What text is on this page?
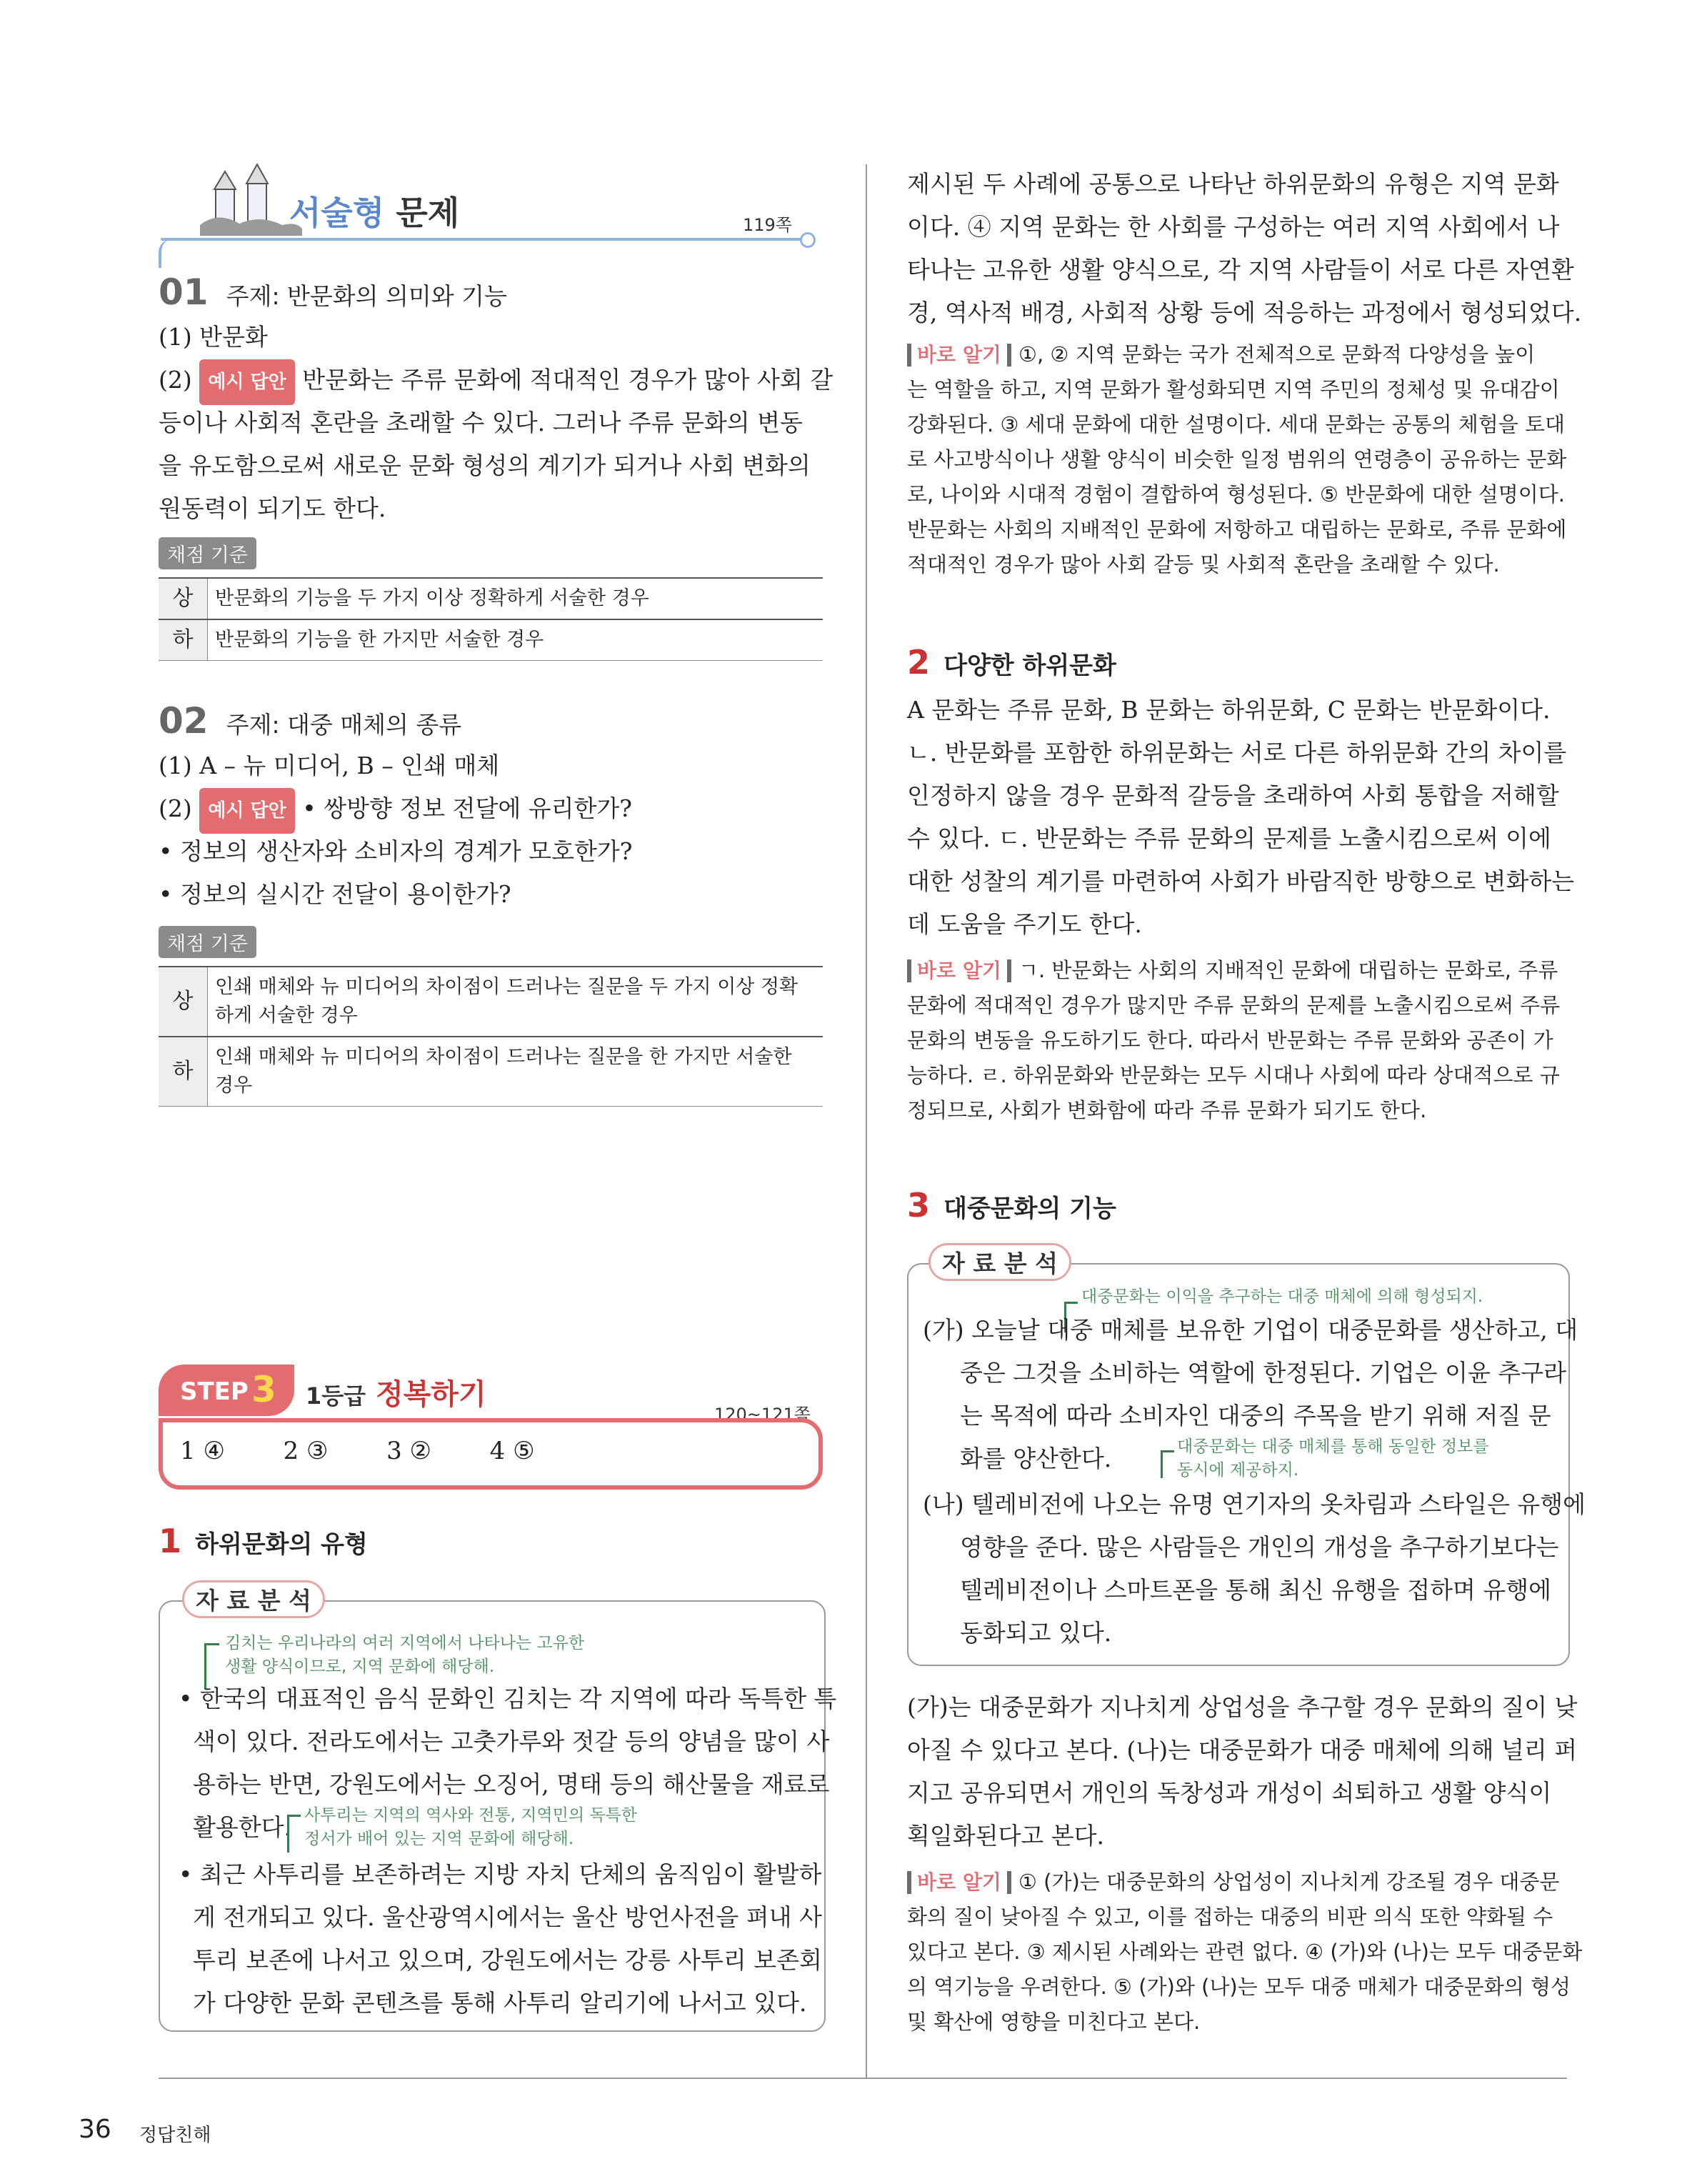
서술형 문제	119쪽
01 주제: 반문화의 의미와 기능
(1) 반문화
(2) 예시 답안 반문화는 주류 문화에 적대적인 경우가 많아 사회 갈
등이나 사회적 혼란을 초래할 수 있다. 그러나 주류 문화의 변동
을 유도함으로써 새로운 문화 형성의 계기가 되거나 사회 변화의
원동력이 되기도 한다.
채점 기준
상	반문화의 기능을 두 가지 이상 정확하게 서술한 경우
하	반문화의 기능을 한 가지만 서술한 경우
02 주제: 대중 매체의 종류
(1) A – 뉴 미디어, B – 인쇄 매체
(2) 예시 답안 • 쌍방향 정보 전달에 유리한가?
• 정보의 생산자와 소비자의 경계가 모호한가?
• 정보의 실시간 전달이 용이한가?
채점 기준
상	인쇄 매체와 뉴 미디어의 차이점이 드러나는 질문을 두 가지 이상 정확하게 서술한 경우
하	인쇄 매체와 뉴 미디어의 차이점이 드러나는 질문을 한 가지만 서술한 경우
STEP 3 1등급 정복하기
120~121쪽
1 ④ 2 ③ 3 ② 4 ⑤
1 하위문화의 유형
자 료 분 석
김치는 우리나라의 여러 지역에서 나타나는 고유한
생활 양식이므로, 지역 문화에 해당해.
• 한국의 대표적인 음식 문화인 김치는 각 지역에 따라 독특한 특
색이 있다. 전라도에서는 고춧가루와 젓갈 등의 양념을 많이 사
용하는 반면, 강원도에서는 오징어, 명태 등의 해산물을 재료로
활용한다. 사투리는 지역의 역사와 전통, 지역민의 독특한
정서가 배어 있는 지역 문화에 해당해.
• 최근 사투리를 보존하려는 지방 자치 단체의 움직임이 활발하
게 전개되고 있다. 울산광역시에서는 울산 방언사전을 펴내 사
투리 보존에 나서고 있으며, 강원도에서는 강릉 사투리 보존회
가 다양한 문화 콘텐츠를 통해 사투리 알리기에 나서고 있다.
제시된 두 사례에 공통으로 나타난 하위문화의 유형은 지역 문화
이다. ④ 지역 문화는 한 사회를 구성하는 여러 지역 사회에서 나
타나는 고유한 생활 양식으로, 각 지역 사람들이 서로 다른 자연환
경, 역사적 배경, 사회적 상황 등에 적응하는 과정에서 형성되었다.
바로 알기 ①, ② 지역 문화는 국가 전체적으로 문화적 다양성을 높이
는 역할을 하고, 지역 문화가 활성화되면 지역 주민의 정체성 및 유대감이
강화된다. ③ 세대 문화에 대한 설명이다. 세대 문화는 공통의 체험을 토대
로 사고방식이나 생활 양식이 비슷한 일정 범위의 연령층이 공유하는 문화
로, 나이와 시대적 경험이 결합하여 형성된다. ⑤ 반문화에 대한 설명이다.
반문화는 사회의 지배적인 문화에 저항하고 대립하는 문화로, 주류 문화에
적대적인 경우가 많아 사회 갈등 및 사회적 혼란을 초래할 수 있다.
2 다양한 하위문화
A 문화는 주류 문화, B 문화는 하위문화, C 문화는 반문화이다.
ㄴ. 반문화를 포함한 하위문화는 서로 다른 하위문화 간의 차이를
인정하지 않을 경우 문화적 갈등을 초래하여 사회 통합을 저해할
수 있다. ㄷ. 반문화는 주류 문화의 문제를 노출시킴으로써 이에
대한 성찰의 계기를 마련하여 사회가 바람직한 방향으로 변화하는
데 도움을 주기도 한다.
바로 알기 ㄱ. 반문화는 사회의 지배적인 문화에 대립하는 문화로, 주류
문화에 적대적인 경우가 많지만 주류 문화의 문제를 노출시킴으로써 주류
문화의 변동을 유도하기도 한다. 따라서 반문화는 주류 문화와 공존이 가
능하다. ㄹ. 하위문화와 반문화는 모두 시대나 사회에 따라 상대적으로 규
정되므로, 사회가 변화함에 따라 주류 문화가 되기도 한다.
3 대중문화의 기능
자 료 분 석
대중문화는 이익을 추구하는 대중 매체에 의해 형성되지.
(가) 오늘날 대중 매체를 보유한 기업이 대중문화를 생산하고, 대
중은 그것을 소비하는 역할에 한정된다. 기업은 이윤 추구라
는 목적에 따라 소비자인 대중의 주목을 받기 위해 저질 문
화를 양산한다.	대중문화는 대중 매체를 통해 동일한 정보를
동시에 제공하지.
(나) 텔레비전에 나오는 유명 연기자의 옷차림과 스타일은 유행에
영향을 준다. 많은 사람들은 개인의 개성을 추구하기보다는
텔레비전이나 스마트폰을 통해 최신 유행을 접하며 유행에
동화되고 있다.
(가)는 대중문화가 지나치게 상업성을 추구할 경우 문화의 질이 낮
아질 수 있다고 본다. (나)는 대중문화가 대중 매체에 의해 널리 퍼
지고 공유되면서 개인의 독창성과 개성이 쇠퇴하고 생활 양식이
획일화된다고 본다.
바로 알기 ① (가)는 대중문화의 상업성이 지나치게 강조될 경우 대중문
화의 질이 낮아질 수 있고, 이를 접하는 대중의 비판 의식 또한 약화될 수
있다고 본다. ③ 제시된 사례와는 관련 없다. ④ (가)와 (나)는 모두 대중문화
의 역기능을 우려한다. ⑤ (가)와 (나)는 모두 대중 매체가 대중문화의 형성
및 확산에 영향을 미친다고 본다.
36 정답친해
